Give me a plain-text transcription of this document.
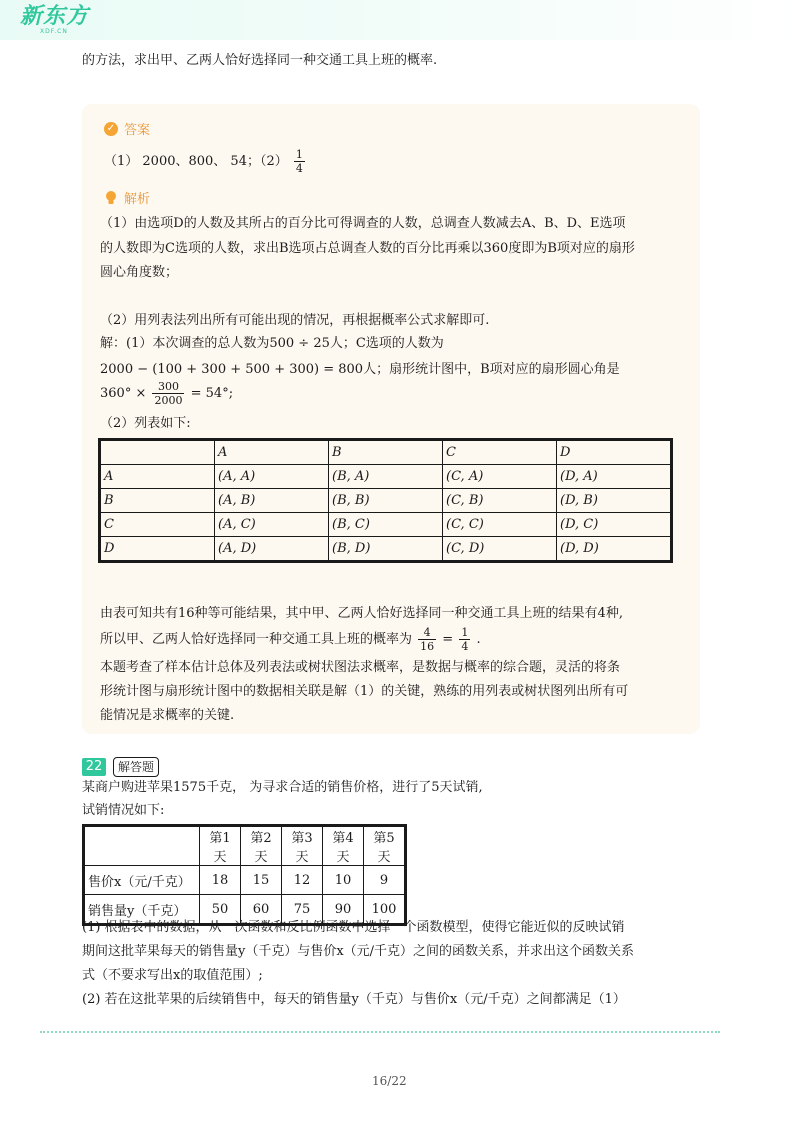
新东方
XDF.CN
的方法，求出甲、乙两人恰好选择同一种交通工具上班的概率.
✓ 答案
（1） 2000、800、 54；$(2) \frac{1}{4}$
解析
（1）由选项D的人数及其所占的百分比可得调查的人数，总调查人数减去A、B、D、E选项
的人数即为C选项的人数，求出B选项占总调查人数的百分比再乘以360度即为B项对应的扇形
圆心角度数；
（2）用列表法列出所有可能出现的情况，再根据概率公式求解即可.
解：(1）本次调查的总人数为500 ÷ 25人；C选项的人数为
2000 − (100 + 300 + 500 + 300) = 800人；扇形统计图中，B项对应的扇形圆心角是
$360^\circ \times \frac{300}{2000} = 54^\circ$;
（2）列表如下:
	A	B	C	D
A	(A, A)	(B, A)	(C, A)	(D, A)
B	(A, B)	(B, B)	(C, B)	(D, B)
C	(A, C)	(B, C)	(C, C)	(D, C)
D	(A, D)	(B, D)	(C, D)	(D, D)
由表可知共有16种等可能结果，其中甲、乙两人恰好选择同一种交通工具上班的结果有4种,
所以甲、乙两人恰好选择同一种交通工具上班的概率为 $\frac{4}{16} = \frac{1}{4}$ .
本题考查了样本估计总体及列表法或树状图法求概率，是数据与概率的综合题，灵活的将条
形统计图与扇形统计图中的数据相关联是解（1）的关键，熟练的用列表或树状图列出所有可
能情况是求概率的关键.
22	解答题
某商户购进苹果1575千克， 为寻求合适的销售价格，进行了5天试销,
试销情况如下:
	第1天	第2天	第3天	第4天	第5天
售价x（元/千克）	18	15	12	10	9
销售量y（千克）	50	60	75	90	100
(1) 根据表中的数据，从一次函数和反比例函数中选择一个函数模型，使得它能近似的反映试销
期间这批苹果每天的销售量y（千克）与售价x（元/千克）之间的函数关系，并求出这个函数关系
式（不要求写出x的取值范围）;
(2) 若在这批苹果的后续销售中，每天的销售量y（千克）与售价x（元/千克）之间都满足（1）
16/22
